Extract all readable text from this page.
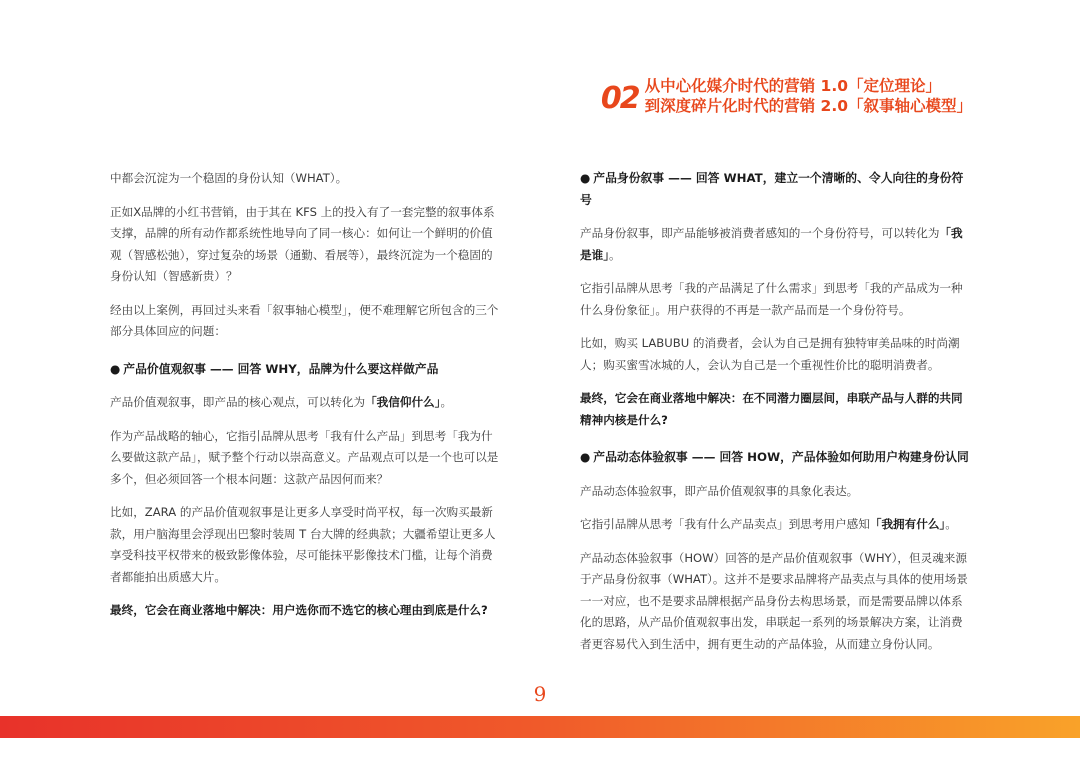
02 从中心化媒介时代的营销 1.0「定位理论」
到深度碎片化时代的营销 2.0「叙事轴心模型」

中都会沉淀为一个稳固的身份认知（WHAT）。

正如X品牌的小红书营销，由于其在 KFS 上的投入有了一套完整的叙事体系支撑，品牌的所有动作都系统性地导向了同一核心：如何让一个鲜明的价值观（智感松弛），穿过复杂的场景（通勤、看展等），最终沉淀为一个稳固的身份认知（智感新贵）？

经由以上案例，再回过头来看「叙事轴心模型」，便不难理解它所包含的三个部分具体回应的问题：

● 产品价值观叙事 —— 回答 WHY，品牌为什么要这样做产品

产品价值观叙事，即产品的核心观点，可以转化为「我信仰什么」。

作为产品战略的轴心，它指引品牌从思考「我有什么产品」到思考「我为什么要做这款产品」，赋予整个行动以崇高意义。产品观点可以是一个也可以是多个，但必须回答一个根本问题：这款产品因何而来？

比如，ZARA 的产品价值观叙事是让更多人享受时尚平权，每一次购买最新款，用户脑海里会浮现出巴黎时装周 T 台大牌的经典款；大疆希望让更多人享受科技平权带来的极致影像体验，尽可能抹平影像技术门槛，让每个消费者都能拍出质感大片。

最终，它会在商业落地中解决：用户选你而不选它的核心理由到底是什么?

● 产品身份叙事 —— 回答 WHAT，建立一个清晰的、令人向往的身份符号

产品身份叙事，即产品能够被消费者感知的一个身份符号，可以转化为「我是谁」。

它指引品牌从思考「我的产品满足了什么需求」到思考「我的产品成为一种什么身份象征」。用户获得的不再是一款产品而是一个身份符号。

比如，购买 LABUBU 的消费者，会认为自己是拥有独特审美品味的时尚潮人；购买蜜雪冰城的人，会认为自己是一个重视性价比的聪明消费者。

最终，它会在商业落地中解决：在不同潜力圈层间，串联产品与人群的共同精神内核是什么?

● 产品动态体验叙事 —— 回答 HOW，产品体验如何助用户构建身份认同

产品动态体验叙事，即产品价值观叙事的具象化表达。

它指引品牌从思考「我有什么产品卖点」到思考用户感知「我拥有什么」。

产品动态体验叙事（HOW）回答的是产品价值观叙事（WHY），但灵魂来源于产品身份叙事（WHAT）。这并不是要求品牌将产品卖点与具体的使用场景一一对应，也不是要求品牌根据产品身份去构思场景，而是需要品牌以体系化的思路，从产品价值观叙事出发，串联起一系列的场景解决方案，让消费者更容易代入到生活中，拥有更生动的产品体验，从而建立身份认同。

9
